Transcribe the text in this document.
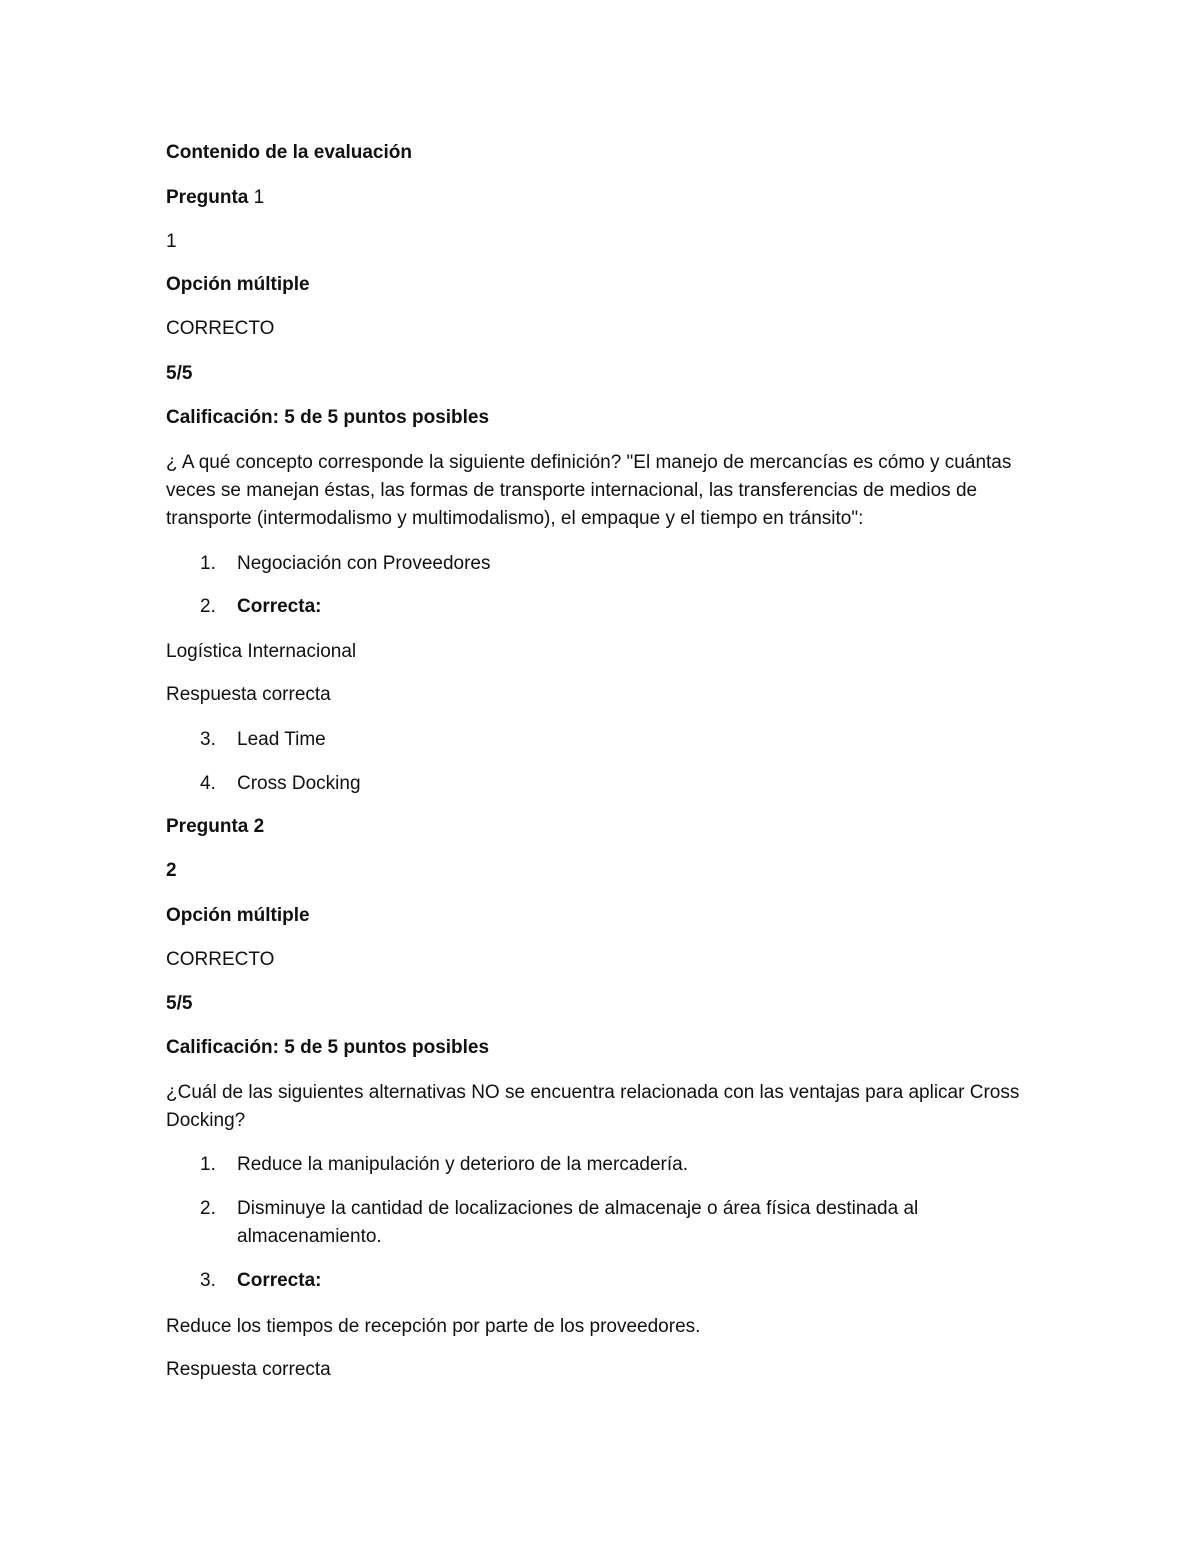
Contenido de la evaluación
Pregunta 1
1
Opción múltiple
CORRECTO
5/5
Calificación: 5 de 5 puntos posibles
¿ A qué concepto corresponde la siguiente definición? "El manejo de mercancías es cómo y cuántas veces se manejan éstas, las formas de transporte internacional, las transferencias de medios de transporte (intermodalismo y multimodalismo), el empaque y el tiempo en tránsito":
1. Negociación con Proveedores
2. Correcta:
Logística Internacional
Respuesta correcta
3. Lead Time
4. Cross Docking
Pregunta 2
2
Opción múltiple
CORRECTO
5/5
Calificación: 5 de 5 puntos posibles
¿Cuál de las siguientes alternativas NO se encuentra relacionada con las ventajas para aplicar Cross Docking?
1. Reduce la manipulación y deterioro de la mercadería.
2. Disminuye la cantidad de localizaciones de almacenaje o área física destinada al almacenamiento.
3. Correcta:
Reduce los tiempos de recepción por parte de los proveedores.
Respuesta correcta
